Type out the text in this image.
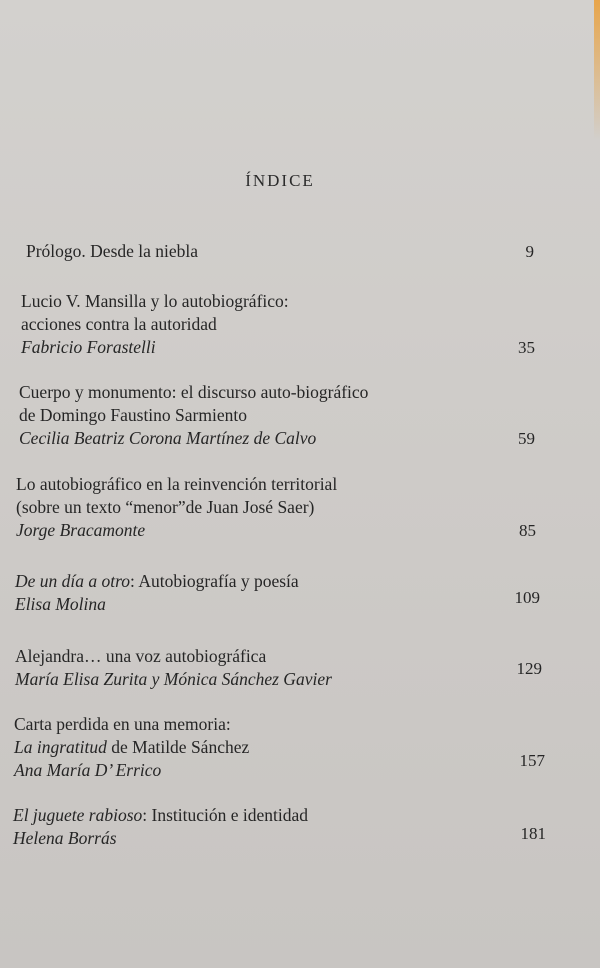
ÍNDICE
Prólogo. Desde la niebla	9
Lucio V. Mansilla y lo autobiográfico:
acciones contra la autoridad
Fabricio Forastelli	35
Cuerpo y monumento: el discurso auto-biográfico
de Domingo Faustino Sarmiento
Cecilia Beatriz Corona Martínez de Calvo	59
Lo autobiográfico en la reinvención territorial
(sobre un texto “menor”de Juan José Saer)
Jorge Bracamonte	85
De un día a otro: Autobiografía y poesía
Elisa Molina	109
Alejandra… una voz autobiográfica
María Elisa Zurita y Mónica Sánchez Gavier
129
Carta perdida en una memoria:
La ingratitud de Matilde Sánchez
Ana María D’ Errico	157
El juguete rabioso: Institución e identidad
Helena Borrás	181
